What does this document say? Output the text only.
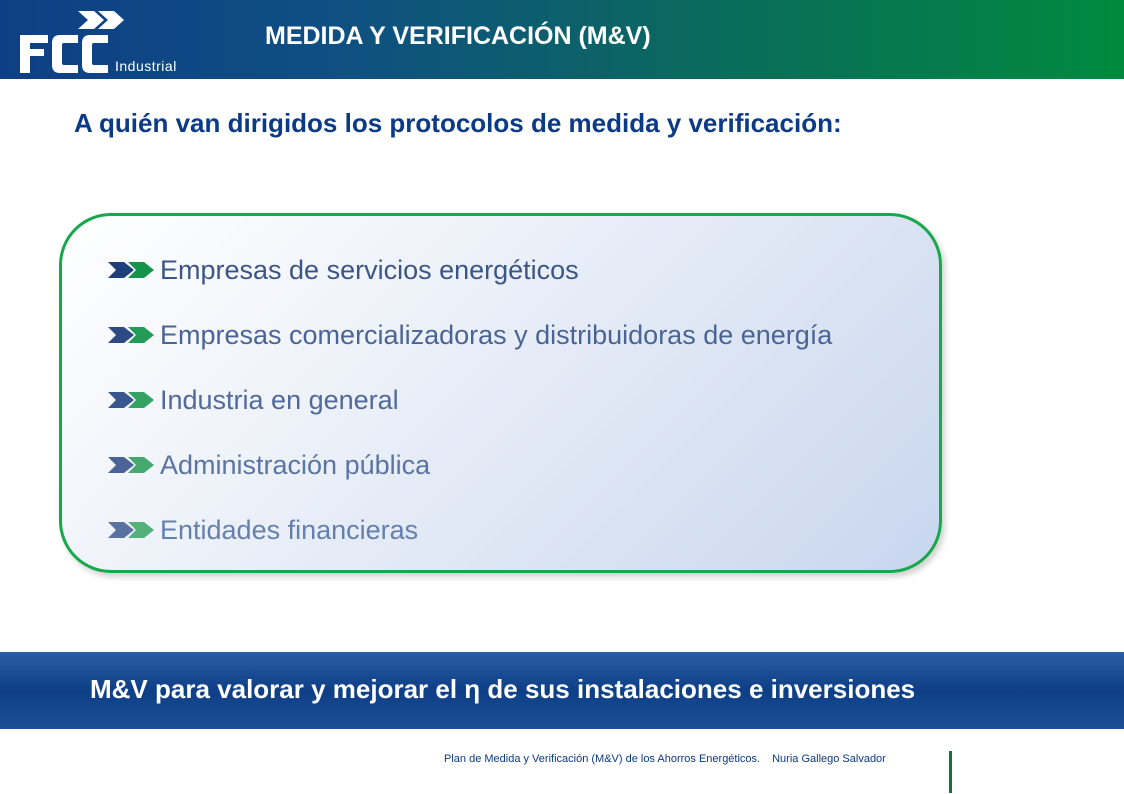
Industrial
MEDIDA Y VERIFICACIÓN (M&V)
A quién van dirigidos los protocolos de medida y verificación:
Empresas de servicios energéticos
Empresas comercializadoras y distribuidoras de energía
Industria en general
Administración pública
Entidades financieras
M&V para valorar y mejorar el η de sus instalaciones e inversiones
Plan de Medida y Verificación (M&V) de los Ahorros Energéticos. Nuria Gallego Salvador
